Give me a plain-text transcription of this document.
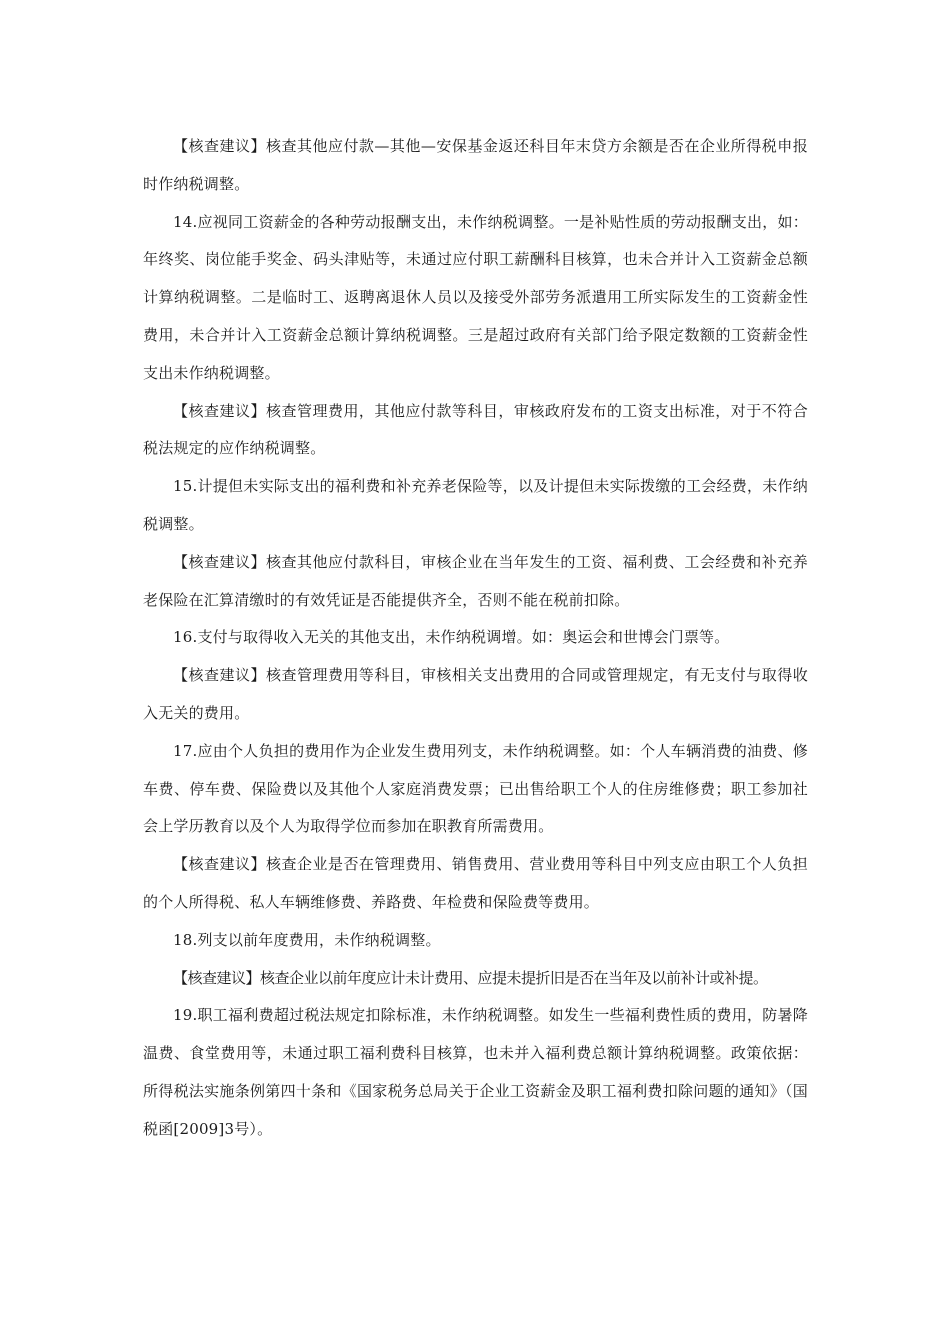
【核查建议】核查其他应付款—其他—安保基金返还科目年末贷方余额是否在企业所得税申报时作纳税调整。

14.应视同工资薪金的各种劳动报酬支出，未作纳税调整。一是补贴性质的劳动报酬支出，如：年终奖、岗位能手奖金、码头津贴等，未通过应付职工薪酬科目核算，也未合并计入工资薪金总额计算纳税调整。二是临时工、返聘离退休人员以及接受外部劳务派遣用工所实际发生的工资薪金性费用，未合并计入工资薪金总额计算纳税调整。三是超过政府有关部门给予限定数额的工资薪金性支出未作纳税调整。

【核查建议】核查管理费用，其他应付款等科目，审核政府发布的工资支出标准，对于不符合税法规定的应作纳税调整。

15.计提但未实际支出的福利费和补充养老保险等，以及计提但未实际拨缴的工会经费，未作纳税调整。

【核查建议】核查其他应付款科目，审核企业在当年发生的工资、福利费、工会经费和补充养老保险在汇算清缴时的有效凭证是否能提供齐全，否则不能在税前扣除。

16.支付与取得收入无关的其他支出，未作纳税调增。如：奥运会和世博会门票等。

【核查建议】核查管理费用等科目，审核相关支出费用的合同或管理规定，有无支付与取得收入无关的费用。

17.应由个人负担的费用作为企业发生费用列支，未作纳税调整。如：个人车辆消费的油费、修车费、停车费、保险费以及其他个人家庭消费发票；已出售给职工个人的住房维修费；职工参加社会上学历教育以及个人为取得学位而参加在职教育所需费用。

【核查建议】核查企业是否在管理费用、销售费用、营业费用等科目中列支应由职工个人负担的个人所得税、私人车辆维修费、养路费、年检费和保险费等费用。

18.列支以前年度费用，未作纳税调整。

【核查建议】核查企业以前年度应计未计费用、应提未提折旧是否在当年及以前补计或补提。

19.职工福利费超过税法规定扣除标准，未作纳税调整。如发生一些福利费性质的费用，防暑降温费、食堂费用等，未通过职工福利费科目核算，也未并入福利费总额计算纳税调整。政策依据：所得税法实施条例第四十条和《国家税务总局关于企业工资薪金及职工福利费扣除问题的通知》（国税函[2009]3号）。
